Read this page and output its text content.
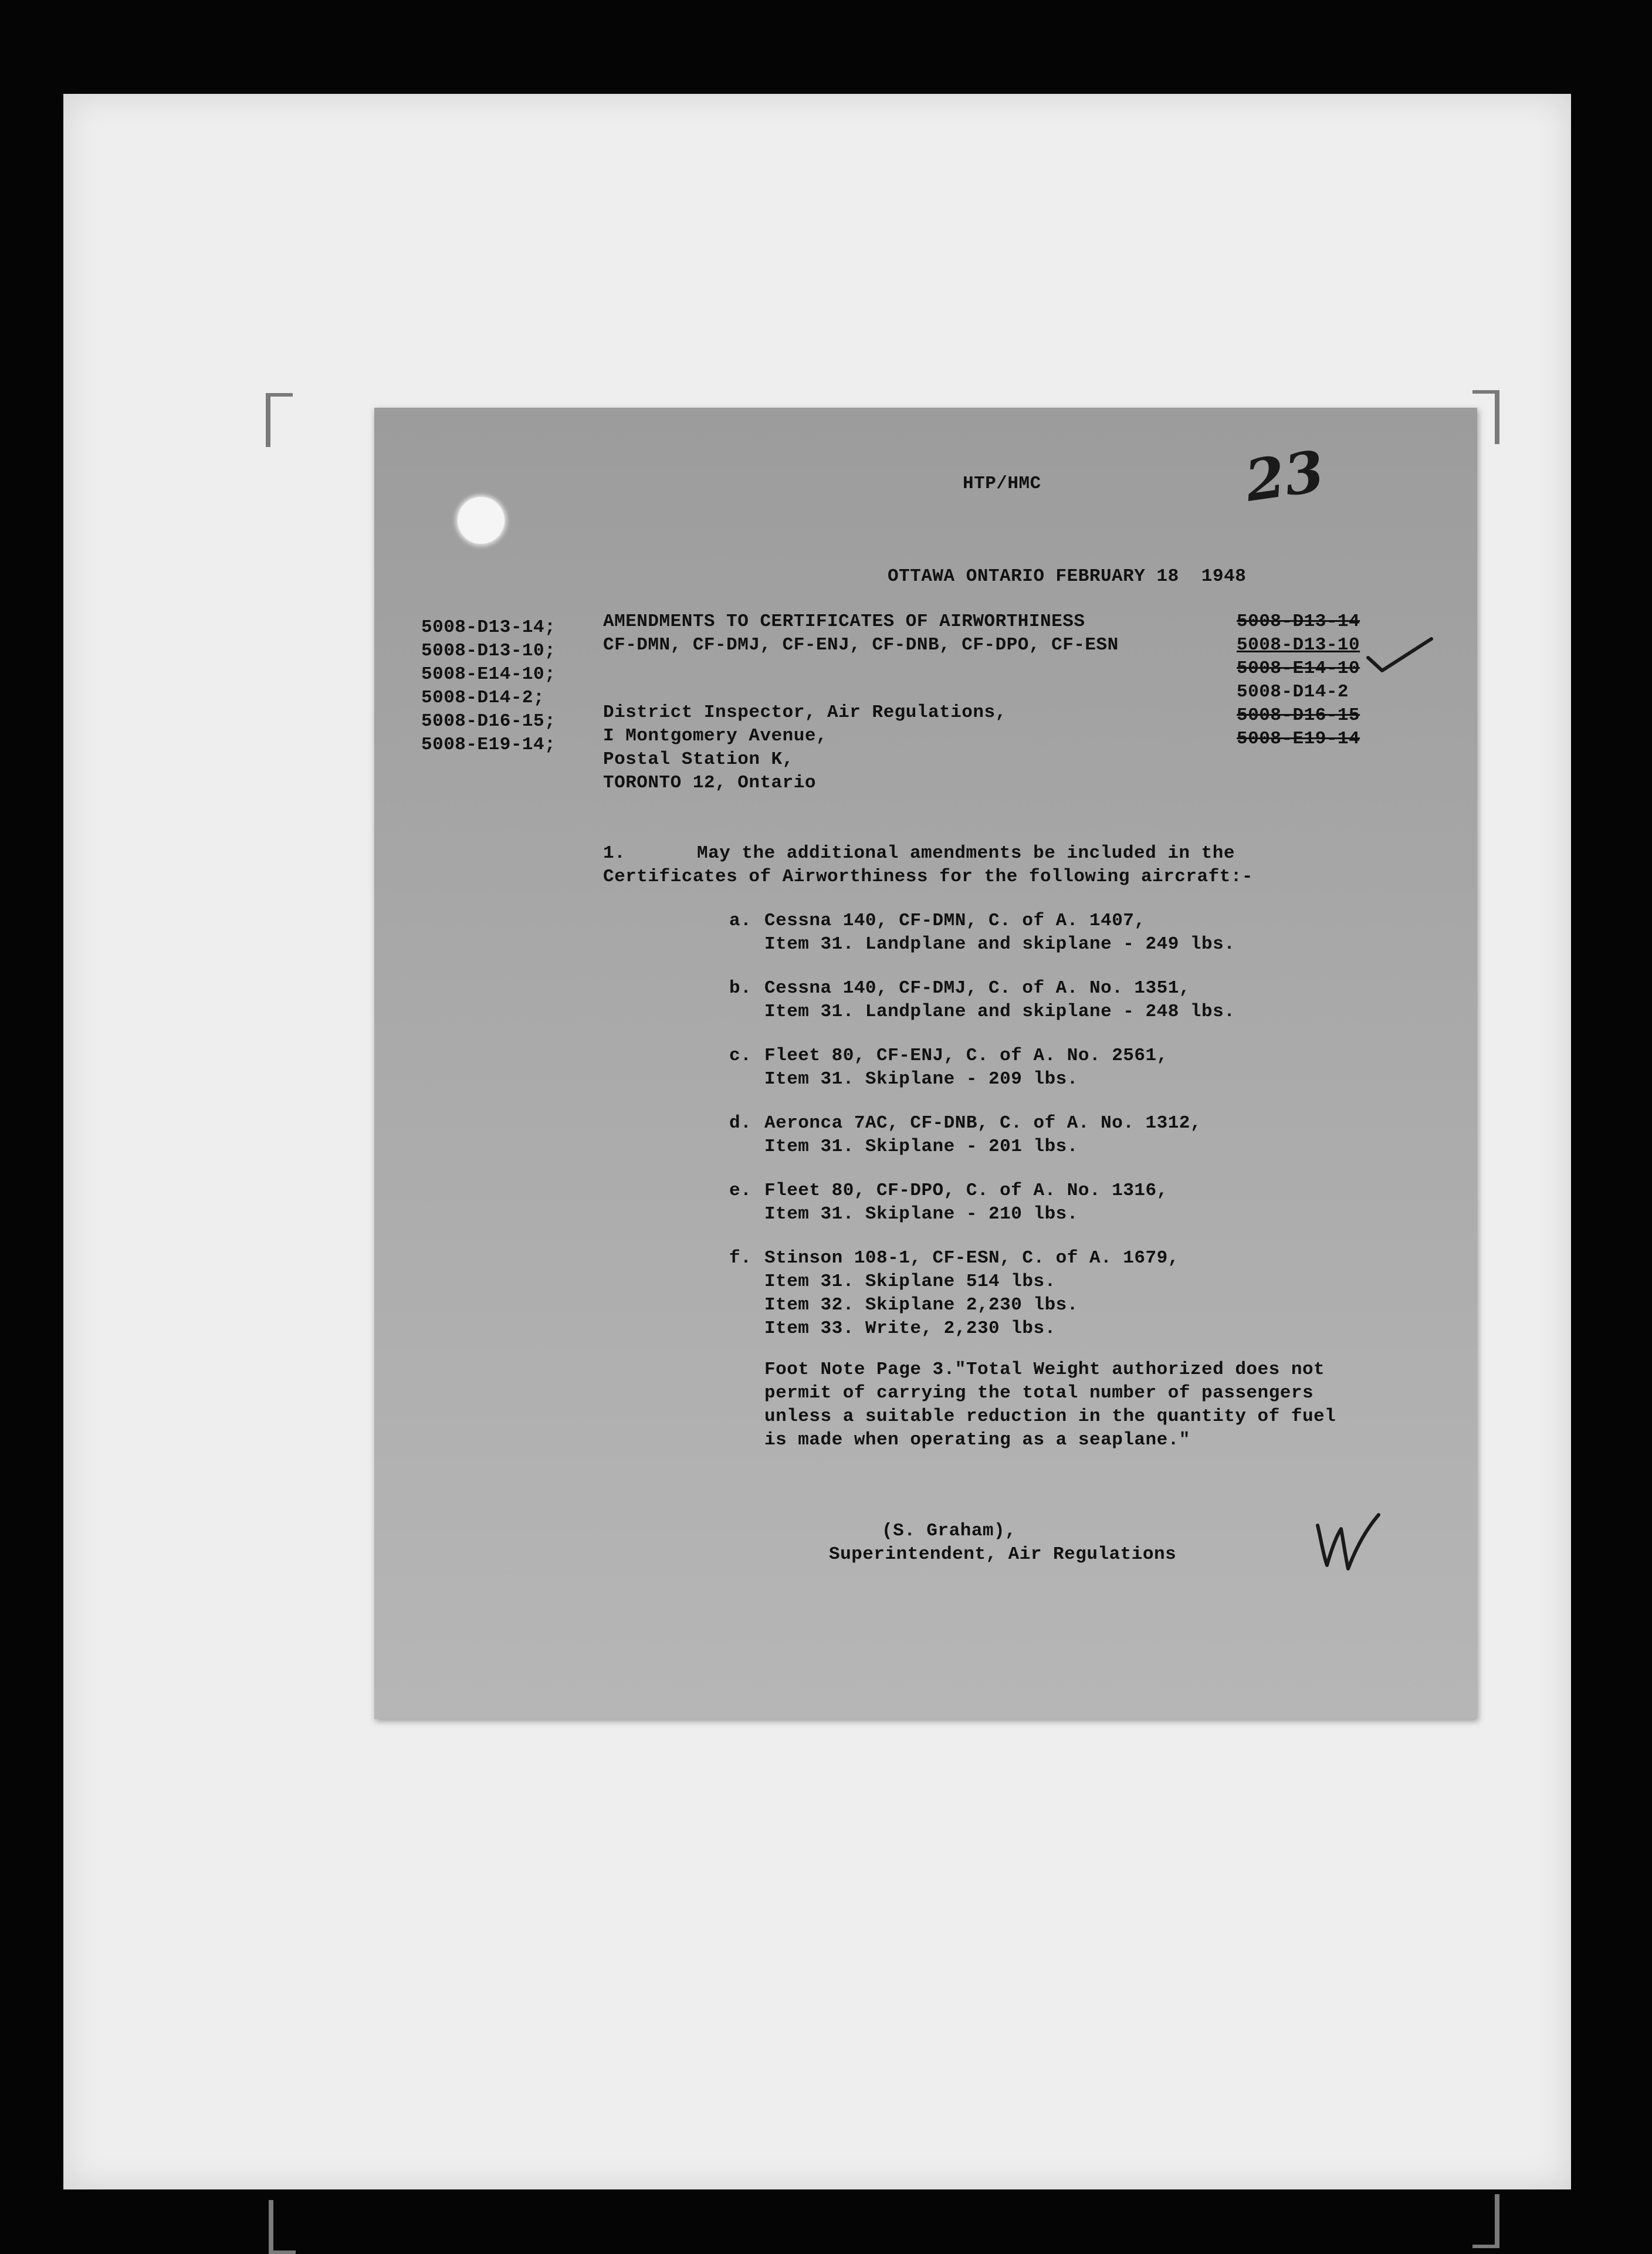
23
HTP/HMC
OTTAWA ONTARIO FEBRUARY 18  1948
5008-D13-14;
5008-D13-10;
5008-E14-10;
5008-D14-2;
5008-D16-15;
5008-E19-14;
AMENDMENTS TO CERTIFICATES OF AIRWORTHINESS
CF-DMN, CF-DMJ, CF-ENJ, CF-DNB, CF-DPO, CF-ESN
5008-D13-14
5008-D13-10
5008-E14-10
5008-D14-2
5008-D16-15
5008-E19-14
District Inspector, Air Regulations,
I Montgomery Avenue,
Postal Station K,
TORONTO 12, Ontario
1.	May the additional amendments be included in the
Certificates of Airworthiness for the following aircraft:-
a. Cessna 140, CF-DMN, C. of A. 1407,
Item 31. Landplane and skiplane - 249 lbs.
b. Cessna 140, CF-DMJ, C. of A. No. 1351,
Item 31. Landplane and skiplane - 248 lbs.
c. Fleet 80, CF-ENJ, C. of A. No. 2561,
Item 31. Skiplane - 209 lbs.
d. Aeronca 7AC, CF-DNB, C. of A. No. 1312,
Item 31. Skiplane - 201 lbs.
e. Fleet 80, CF-DPO, C. of A. No. 1316,
Item 31. Skiplane - 210 lbs.
f. Stinson 108-1, CF-ESN, C. of A. 1679,
Item 31. Skiplane 514 lbs.
Item 32. Skiplane 2,230 lbs.
Item 33. Write, 2,230 lbs.
Foot Note Page 3."Total Weight authorized does not
permit of carrying the total number of passengers
unless a suitable reduction in the quantity of fuel
is made when operating as a seaplane."
(S. Graham),
Superintendent, Air Regulations
